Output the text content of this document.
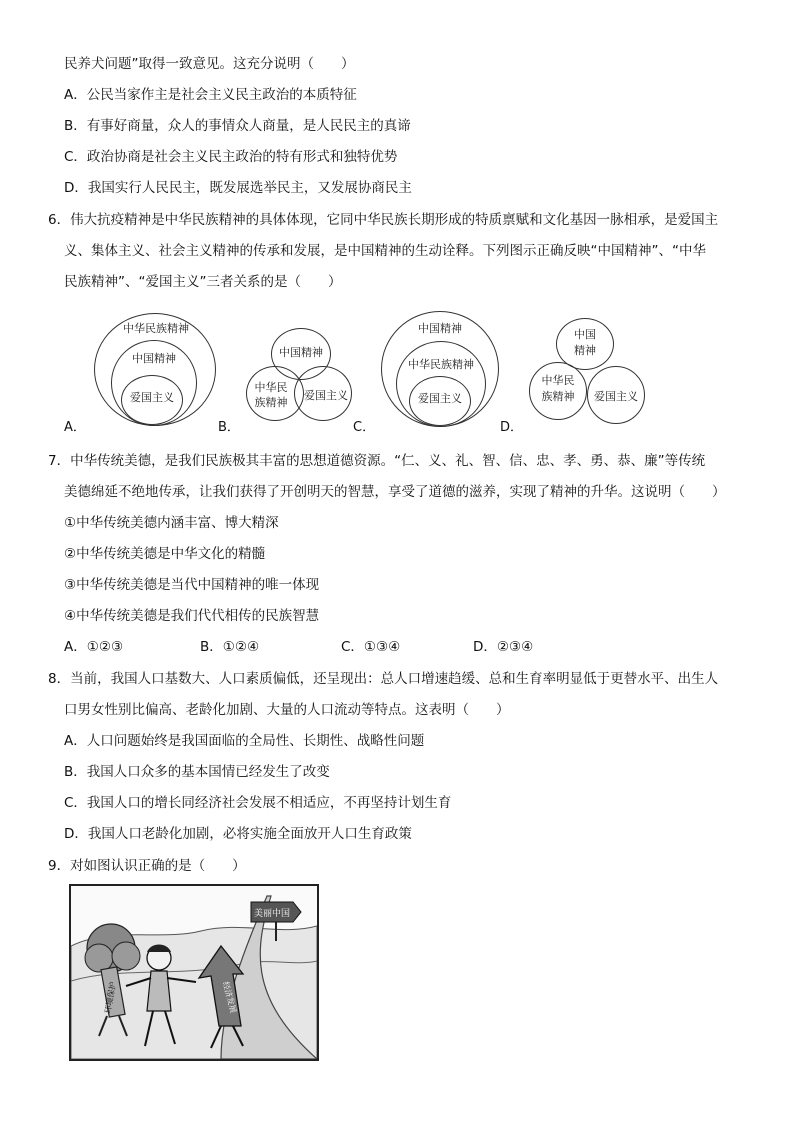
民养犬问题”取得一致意见。这充分说明（　　）
A．公民当家作主是社会主义民主政治的本质特征
B．有事好商量，众人的事情众人商量，是人民民主的真谛
C．政治协商是社会主义民主政治的特有形式和独特优势
D．我国实行人民民主，既发展选举民主，又发展协商民主
6．伟大抗疫精神是中华民族精神的具体体现，它同中华民族长期形成的特质禀赋和文化基因一脉相承，是爱国主
义、集体主义、社会主义精神的传承和发展，是中国精神的生动诠释。下列图示正确反映“中国精神”、“中华
民族精神”、“爱国主义”三者关系的是（　　）
中华民族精神
中国精神
爱国主义
A．
中国精神
中华民
族精神
爱国主义
B．
中国精神
中华民族精神
爱国主义
C．
中国
精神
中华民
族精神	爱国主义
D．
7．中华传统美德，是我们民族极其丰富的思想道德资源。“仁、义、礼、智、信、忠、孝、勇、恭、廉”等传统
美德绵延不绝地传承，让我们获得了开创明天的智慧，享受了道德的滋养，实现了精神的升华。这说明（　　）
①中华传统美德内涵丰富、博大精深
②中华传统美德是中华文化的精髓
③中华传统美德是当代中国精神的唯一体现
④中华传统美德是我们代代相传的民族智慧
A．①②③	B．①②④	C．①③④	D．②③④
8．当前，我国人口基数大、人口素质偏低，还呈现出：总人口增速趋缓、总和生育率明显低于更替水平、出生人
口男女性别比偏高、老龄化加剧、大量的人口流动等特点。这表明（　　）
A．人口问题始终是我国面临的全局性、长期性、战略性问题
B．我国人口众多的基本国情已经发生了改变
C．我国人口的增长同经济社会发展不相适应，不再坚持计划生育
D．我国人口老龄化加剧，必将实施全面放开人口生育政策
9．对如图认识正确的是（　　）
美丽中国
环境保护	经济发展
